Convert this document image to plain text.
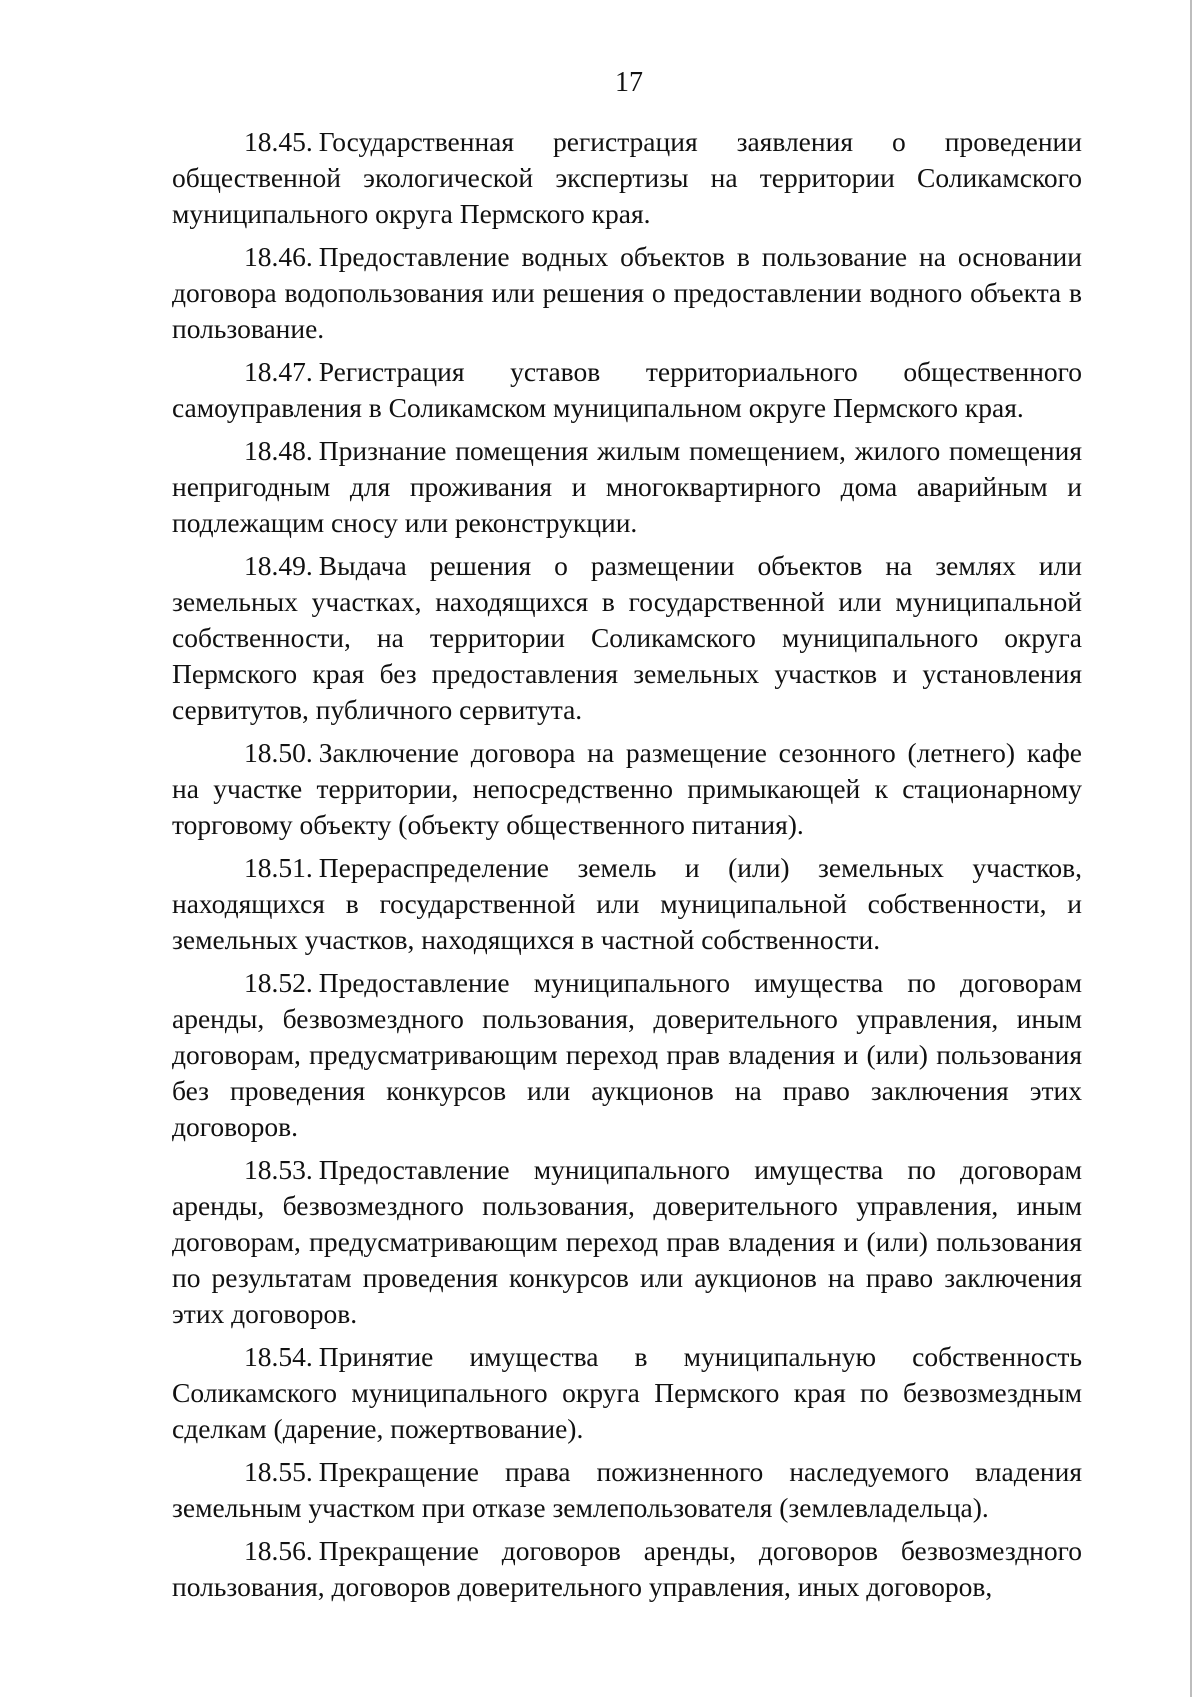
17

18.45. Государственная регистрация заявления о проведении общественной экологической экспертизы на территории Соликамского муниципального округа Пермского края.

18.46. Предоставление водных объектов в пользование на основании договора водопользования или решения о предоставлении водного объекта в пользование.

18.47. Регистрация уставов территориального общественного самоуправления в Соликамском муниципальном округе Пермского края.

18.48. Признание помещения жилым помещением, жилого помещения непригодным для проживания и многоквартирного дома аварийным и подлежащим сносу или реконструкции.

18.49. Выдача решения о размещении объектов на землях или земельных участках, находящихся в государственной или муниципальной собственности, на территории Соликамского муниципального округа Пермского края без предоставления земельных участков и установления сервитутов, публичного сервитута.

18.50. Заключение договора на размещение сезонного (летнего) кафе на участке территории, непосредственно примыкающей к стационарному торговому объекту (объекту общественного питания).

18.51. Перераспределение земель и (или) земельных участков, находящихся в государственной или муниципальной собственности, и земельных участков, находящихся в частной собственности.

18.52. Предоставление муниципального имущества по договорам аренды, безвозмездного пользования, доверительного управления, иным договорам, предусматривающим переход прав владения и (или) пользования без проведения конкурсов или аукционов на право заключения этих договоров.

18.53. Предоставление муниципального имущества по договорам аренды, безвозмездного пользования, доверительного управления, иным договорам, предусматривающим переход прав владения и (или) пользования по результатам проведения конкурсов или аукционов на право заключения этих договоров.

18.54. Принятие имущества в муниципальную собственность Соликамского муниципального округа Пермского края по безвозмездным сделкам (дарение, пожертвование).

18.55. Прекращение права пожизненного наследуемого владения земельным участком при отказе землепользователя (землевладельца).

18.56. Прекращение договоров аренды, договоров безвозмездного пользования, договоров доверительного управления, иных договоров,
